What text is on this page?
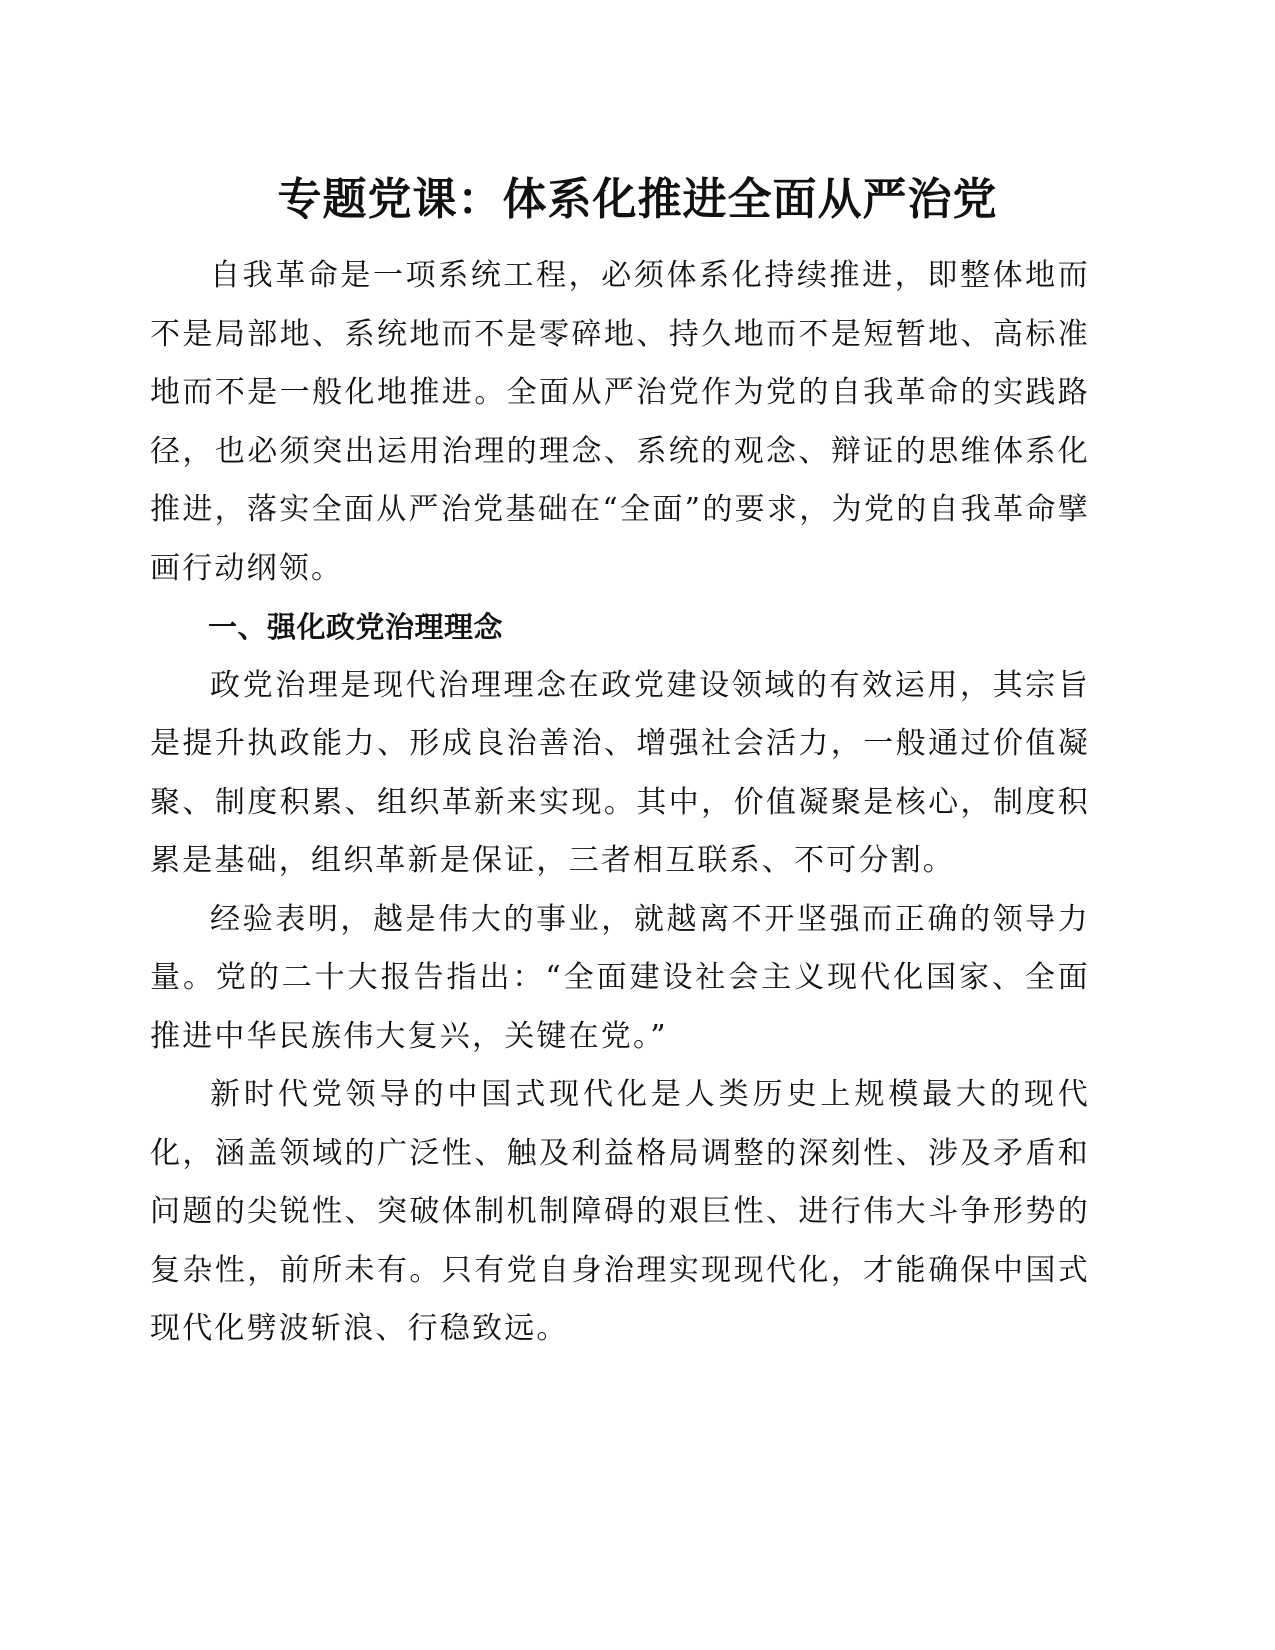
专题党课：体系化推进全面从严治党

自我革命是一项系统工程，必须体系化持续推进，即整体地而不是局部地、系统地而不是零碎地、持久地而不是短暂地、高标准地而不是一般化地推进。全面从严治党作为党的自我革命的实践路径，也必须突出运用治理的理念、系统的观念、辩证的思维体系化推进，落实全面从严治党基础在“全面”的要求，为党的自我革命擘画行动纲领。

一、强化政党治理理念

政党治理是现代治理理念在政党建设领域的有效运用，其宗旨是提升执政能力、形成良治善治、增强社会活力，一般通过价值凝聚、制度积累、组织革新来实现。其中，价值凝聚是核心，制度积累是基础，组织革新是保证，三者相互联系、不可分割。

经验表明，越是伟大的事业，就越离不开坚强而正确的领导力量。党的二十大报告指出：“全面建设社会主义现代化国家、全面推进中华民族伟大复兴，关键在党。”

新时代党领导的中国式现代化是人类历史上规模最大的现代化，涵盖领域的广泛性、触及利益格局调整的深刻性、涉及矛盾和问题的尖锐性、突破体制机制障碍的艰巨性、进行伟大斗争形势的复杂性，前所未有。只有党自身治理实现现代化，才能确保中国式现代化劈波斩浪、行稳致远。
